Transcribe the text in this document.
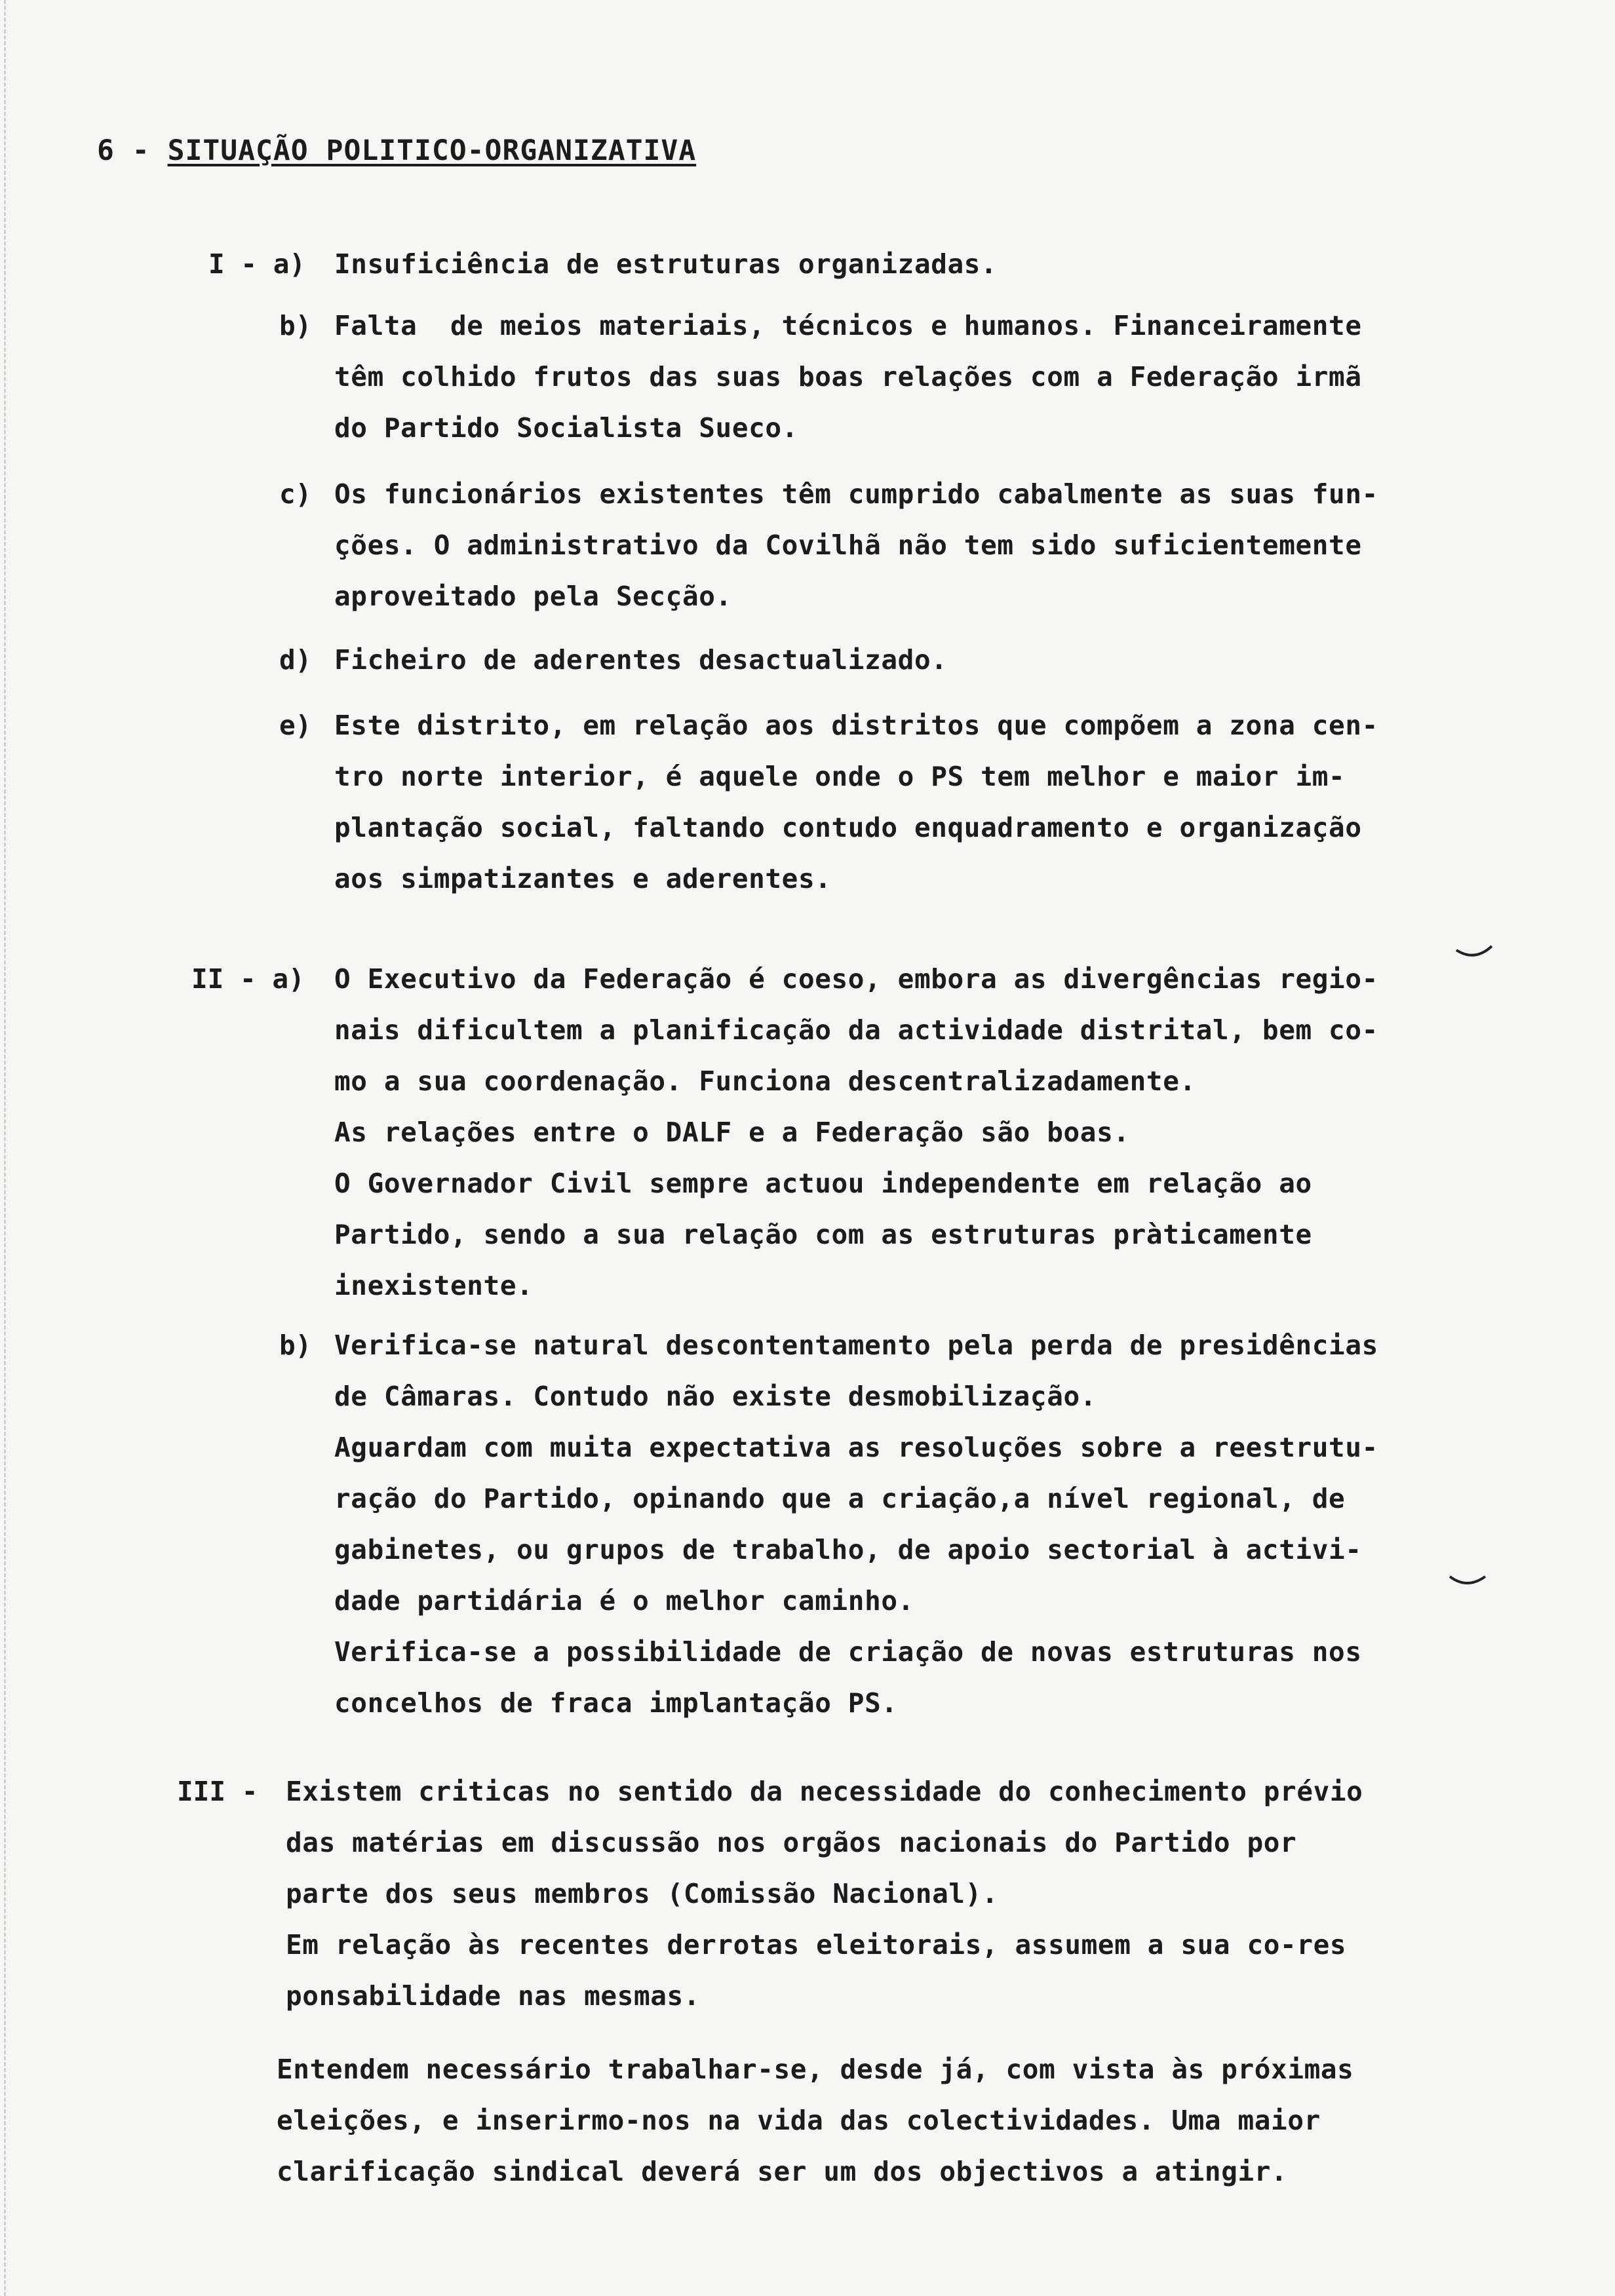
6 - SITUAÇÃO POLITICO-ORGANIZATIVA
I - a) Insuficiência de estruturas organizadas.
b) Falta  de meios materiais, técnicos e humanos. Financeiramente
têm colhido frutos das suas boas relações com a Federação irmã
do Partido Socialista Sueco.
c) Os funcionários existentes têm cumprido cabalmente as suas fun-
ções. O administrativo da Covilhã não tem sido suficientemente
aproveitado pela Secção.
d) Ficheiro de aderentes desactualizado.
e) Este distrito, em relação aos distritos que compõem a zona cen-
tro norte interior, é aquele onde o PS tem melhor e maior im-
plantação social, faltando contudo enquadramento e organização
aos simpatizantes e aderentes.
II - a) O Executivo da Federação é coeso, embora as divergências regio-
nais dificultem a planificação da actividade distrital, bem co-
mo a sua coordenação. Funciona descentralizadamente.
As relações entre o DALF e a Federação são boas.
O Governador Civil sempre actuou independente em relação ao
Partido, sendo a sua relação com as estruturas pràticamente
inexistente.
b) Verifica-se natural descontentamento pela perda de presidências
de Câmaras. Contudo não existe desmobilização.
Aguardam com muita expectativa as resoluções sobre a reestrutu-
ração do Partido, opinando que a criação,a nível regional, de
gabinetes, ou grupos de trabalho, de apoio sectorial à activi-
dade partidária é o melhor caminho.
Verifica-se a possibilidade de criação de novas estruturas nos
concelhos de fraca implantação PS.
III - Existem criticas no sentido da necessidade do conhecimento prévio
das matérias em discussão nos orgãos nacionais do Partido por
parte dos seus membros (Comissão Nacional).
Em relação às recentes derrotas eleitorais, assumem a sua co-res
ponsabilidade nas mesmas.
Entendem necessário trabalhar-se, desde já, com vista às próximas
eleições, e inserirmo-nos na vida das colectividades. Uma maior
clarificação sindical deverá ser um dos objectivos a atingir.
